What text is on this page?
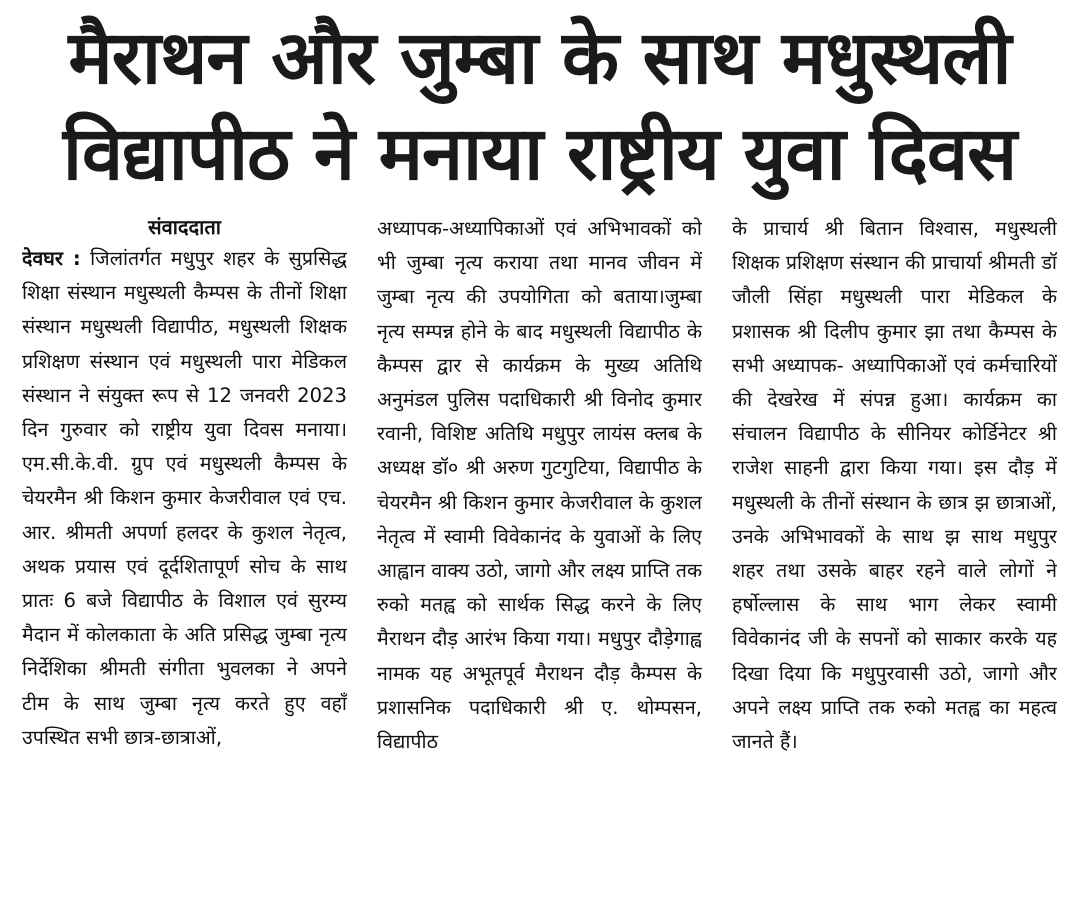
मैराथन और जुम्बा के साथ मधुस्थली
विद्यापीठ ने मनाया राष्ट्रीय युवा दिवस
संवाददाता
देवघर : जिलांतर्गत मधुपुर शहर के सुप्रसिद्ध शिक्षा संस्थान मधुस्थली कैम्पस के तीनों शिक्षा संस्थान मधुस्थली विद्यापीठ, मधुस्थली शिक्षक प्रशिक्षण संस्थान एवं मधुस्थली पारा मेडिकल संस्थान ने संयुक्त रूप से 12 जनवरी 2023 दिन गुरुवार को राष्ट्रीय युवा दिवस मनाया। एम.सी.के.वी. ग्रुप एवं मधुस्थली कैम्पस के चेयरमैन श्री किशन कुमार केजरीवाल एवं एच. आर. श्रीमती अपर्णा हलदर के कुशल नेतृत्व, अथक प्रयास एवं दूर्दशितापूर्ण सोच के साथ प्रातः 6 बजे विद्यापीठ के विशाल एवं सुरम्य मैदान में कोलकाता के अति प्रसिद्ध जुम्बा नृत्य निर्देशिका श्रीमती संगीता भुवलका ने अपने टीम के साथ जुम्बा नृत्य करते हुए वहाँ उपस्थित सभी छात्र-छात्राओं,
अध्यापक-अध्यापिकाओं एवं अभिभावकों को भी जुम्बा नृत्य कराया तथा मानव जीवन में जुम्बा नृत्य की उपयोगिता को बताया।जुम्बा नृत्य सम्पन्न होने के बाद मधुस्थली विद्यापीठ के कैम्पस द्वार से कार्यक्रम के मुख्य अतिथि अनुमंडल पुलिस पदाधिकारी श्री विनोद कुमार रवानी, विशिष्ट अतिथि मधुपुर लायंस क्लब के अध्यक्ष डॉ० श्री अरुण गुटगुटिया, विद्यापीठ के चेयरमैन श्री किशन कुमार केजरीवाल के कुशल नेतृत्व में स्वामी विवेकानंद के युवाओं के लिए आह्वान वाक्य उठो, जागो और लक्ष्य प्राप्ति तक रुको मतह्व को सार्थक सिद्ध करने के लिए मैराथन दौड़ आरंभ किया गया। मधुपुर दौड़ेगाह्व नामक यह अभूतपूर्व मैराथन दौड़ कैम्पस के प्रशासनिक पदाधिकारी श्री ए. थोम्पसन, विद्यापीठ
के प्राचार्य श्री बितान विश्वास, मधुस्थली शिक्षक प्रशिक्षण संस्थान की प्राचार्या श्रीमती डॉ जौली सिंहा मधुस्थली पारा मेडिकल के प्रशासक श्री दिलीप कुमार झा तथा कैम्पस के सभी अध्यापक- अध्यापिकाओं एवं कर्मचारियों की देखरेख में संपन्न हुआ। कार्यक्रम का संचालन विद्यापीठ के सीनियर कोर्डिनेटर श्री राजेश साहनी द्वारा किया गया। इस दौड़ में मधुस्थली के तीनों संस्थान के छात्र झ छात्राओं, उनके अभिभावकों के साथ झ साथ मधुपुर शहर तथा उसके बाहर रहने वाले लोगों ने हर्षोल्लास के साथ भाग लेकर स्वामी विवेकानंद जी के सपनों को साकार करके यह दिखा दिया कि मधुपुरवासी उठो, जागो और अपने लक्ष्य प्राप्ति तक रुको मतह्व का महत्व जानते हैं।
